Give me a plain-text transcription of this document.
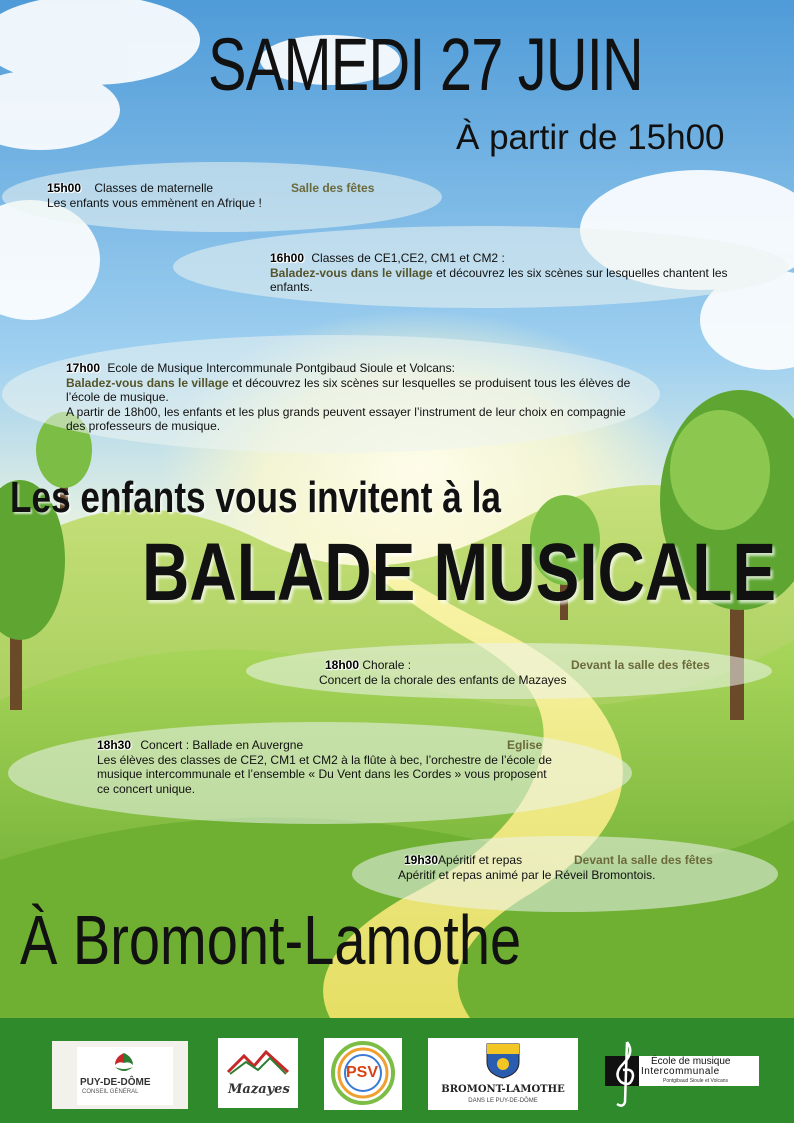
SAMEDI 27 JUIN
À partir de 15h00
15h00 Classes de maternelle	Salle des fêtes

Les enfants vous emmènent en Afrique !
16h00 Classes de CE1,CE2, CM1 et CM2 :
Baladez-vous dans le village et découvrez les six scènes sur lesquelles chantent les enfants.
17h00 Ecole de Musique Intercommunale Pontgibaud Sioule et Volcans:
Baladez-vous dans le village et découvrez les six scènes sur lesquelles se produisent tous les élèves de l’école de musique.
A partir de 18h00, les enfants et les plus grands peuvent essayer l’instrument de leur choix en compagnie des professeurs de musique.
Les enfants vous invitent à la
BALADE MUSICALE
18h00 Chorale :	Devant la salle des fêtes

Concert de la chorale des enfants de Mazayes
18h30 Concert : Ballade en Auvergne	Eglise

Les élèves des classes de CE2, CM1 et CM2 à la flûte à bec, l’orchestre de l’école de musique intercommunale et l’ensemble « Du Vent dans les Cordes » vous proposent ce concert unique.
19h30Apéritif et repas	Devant la salle des fêtes

Apéritif et repas animé par le Réveil Bromontois.
À Bromont-Lamothe
PUY-DE-DÔME
CONSEIL GÉNÉRAL	Mazayes
PSV
BROMONT-LAMOTHE
DANS LE PUY-DE-DÔME
École de musique
Intercommunale
Pontgibaud Sioule et Volcans
